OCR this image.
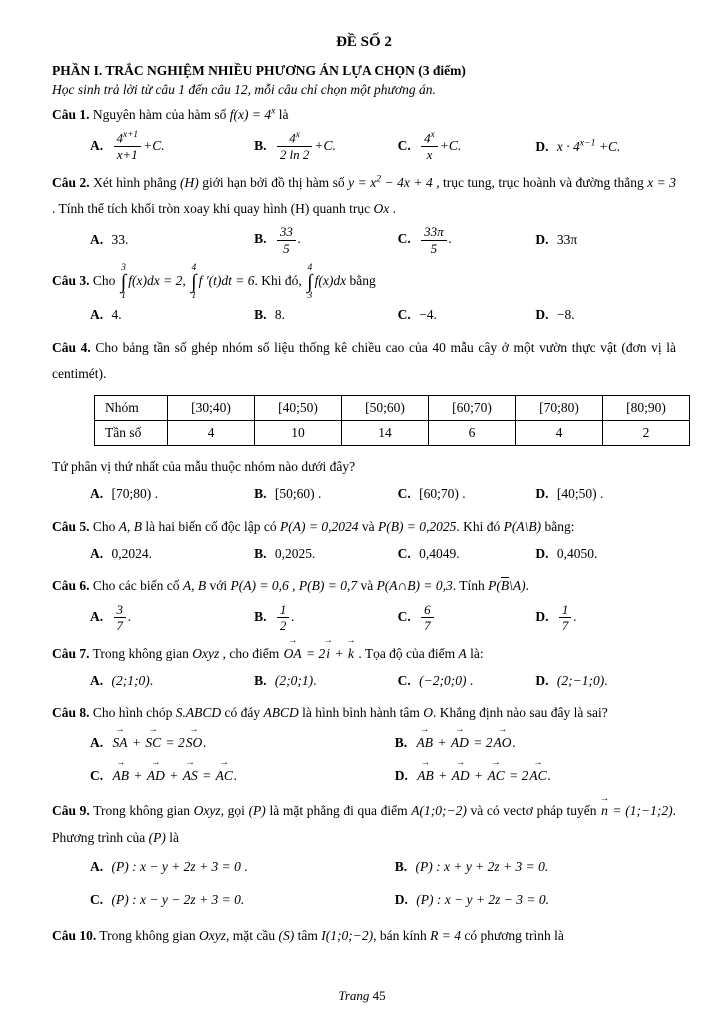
ĐỀ SỐ 2
PHẦN I. TRẮC NGHIỆM NHIỀU PHƯƠNG ÁN LỰA CHỌN (3 điểm)

Học sinh trả lời từ câu 1 đến câu 12, mỗi câu chỉ chọn một phương án.

Câu 1. Nguyên hàm của hàm số $f(x) = 4^x$ là

A. $\frac{4^{x+1}}{x+1} +C$.	B. $\frac{4^x}{2 \ln 2} +C$.	C. $\frac{4^x}{x} +C$.	D. $x \cdot 4^{x-1} +C$.

Câu 2. Xét hình phẳng (H) giới hạn bởi đồ thị hàm số $y = x^2 - 4x + 4$ , trục tung, trục hoành và đường thẳng x = 3 . Tính thể tích khối tròn xoay khi quay hình (H) quanh trục Ox .

A. 33.	B. $\frac{33}{5}$ .	C. $\frac{33\pi}{5}$ .	D. 33π

Câu 3. Cho
3
∫
1
f(x)dx = 2,
4
∫
1
f ′(t)dt = 6. Khi đó,
4
∫
3
f(x)dx bằng

A. 4.	B. 8.	C. −4.	D. −8.

Câu 4. Cho bảng tần số ghép nhóm số liệu thống kê chiều cao của 40 mẫu cây ở một vườn thực vật (đơn vị là centimét).

Nhóm	[30;40)	[40;50)	[50;60)	[60;70)	[70;80)	[80;90)
Tần số	4	10	14	6	4	2

Tứ phân vị thứ nhất của mẫu thuộc nhóm nào dưới đây?

A. [70;80) .	B. [50;60) .	C. [60;70) .	D. [40;50) .

Câu 5. Cho A, B là hai biến cố độc lập có P(A) = 0,2024 và P(B) = 0,2025. Khi đó P(A\B) bằng:

A. 0,2024.	B. 0,2025.	C. 0,4049.	D. 0,4050.

Câu 6. Cho các biến cố A, B với P(A) = 0,6 , P(B) = 0,7 và P(A∩B) = 0,3. Tính $P(\overline{B}\backslash A)$.

A. $\frac{3}{7}$ .	B. $\frac{1}{2}$ .	C. $\frac{6}{7}$	D. $\frac{1}{7}$ .

Câu 7. Trong không gian Oxyz , cho điểm → OA = 2→ i + → k . Tọa độ của điểm A là:

A. (2;1;0).	B. (2;0;1).	C. (−2;0;0) .	D. (2;−1;0).

Câu 8. Cho hình chóp S.ABCD có đáy ABCD là hình bình hành tâm O. Khẳng định nào sau đây là sai?

A. → SA + → SC = 2→ SO.	B. → AB + → AD = 2→ AO.
C. → AB + → AD + → AS = → AC.	D. → AB + → AD + → AC = 2→ AC.

Câu 9. Trong không gian Oxyz, gọi (P) là mặt phẳng đi qua điểm A(1;0;−2) và có vectơ pháp tuyến → n = (1;−1;2). Phương trình của (P) là

A. (P) : x − y + 2z + 3 = 0 .	B. (P) : x + y + 2z + 3 = 0.
C. (P) : x − y − 2z + 3 = 0.	D. (P) : x − y + 2z − 3 = 0.

Câu 10. Trong không gian Oxyz, mặt cầu (S) tâm I(1;0;−2), bán kính R = 4 có phương trình là

Trang 45
